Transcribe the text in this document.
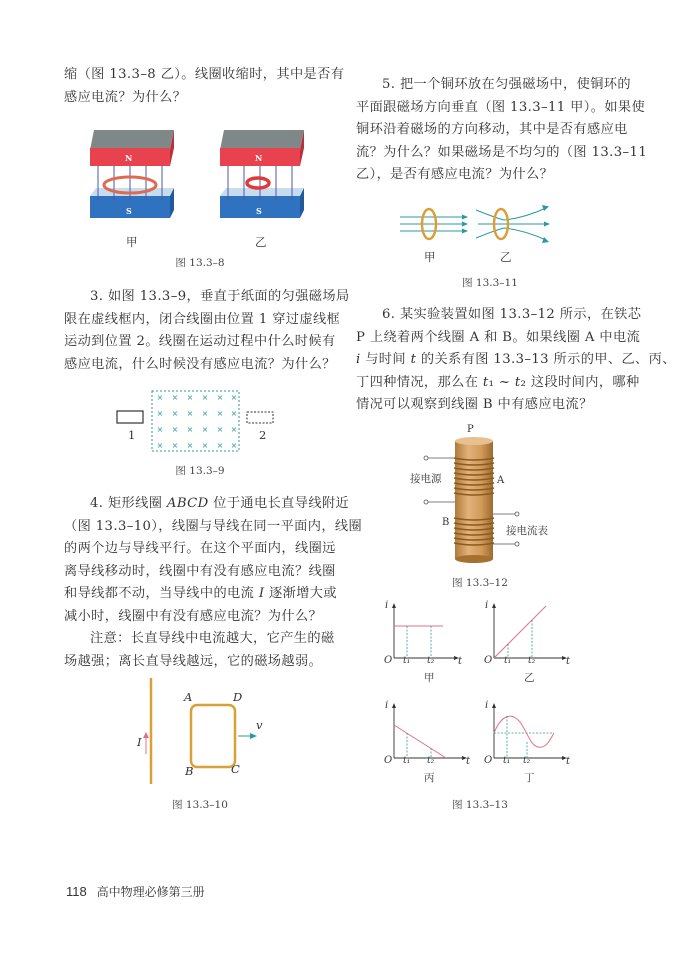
缩（图 13.3–8 乙）。线圈收缩时，其中是否有
感应电流？为什么？
N
S
N
S
甲	乙
图 13.3–8
3. 如图 13.3–9，垂直于纸面的匀强磁场局
限在虚线框内，闭合线圈由位置 1 穿过虚线框
运动到位置 2。线圈在运动过程中什么时候有
感应电流，什么时候没有感应电流？为什么？
× × × × × ×
× × × × × ×
× × × × × ×
× × × × × ×
1	2
图 13.3–9
4. 矩形线圈 ABCD 位于通电长直导线附近
（图 13.3–10），线圈与导线在同一平面内，线圈
的两个边与导线平行。在这个平面内，线圈远
离导线移动时，线圈中有没有感应电流？线圈
和导线都不动，当导线中的电流 I 逐渐增大或
减小时，线圈中有没有感应电流？为什么？
注意：长直导线中电流越大，它产生的磁
场越强；离长直导线越远，它的磁场越弱。
I
A	D
B	C
v
图 13.3–10
5. 把一个铜环放在匀强磁场中，使铜环的
平面跟磁场方向垂直（图 13.3–11 甲）。如果使
铜环沿着磁场的方向移动，其中是否有感应电
流？为什么？如果磁场是不均匀的（图 13.3–11
乙），是否有感应电流？为什么？
甲	乙
图 13.3–11
6. 某实验装置如图 13.3–12 所示，在铁芯
P 上绕着两个线圈 A 和 B。如果线圈 A 中电流
i 与时间 t 的关系有图 13.3–13 所示的甲、乙、丙、
丁四种情况，那么在 t₁ ~ t₂ 这段时间内，哪种
情况可以观察到线圈 B 中有感应电流？
P
接电源	A
B
接电流表
图 13.3–12
i
O t₁ t₂ t
甲
i
O t₁ t₂	t
乙
i
O t₁ t₂	t
丙
i
O t₁ t₂	t
丁
图 13.3–13
118 高中物理必修第三册
